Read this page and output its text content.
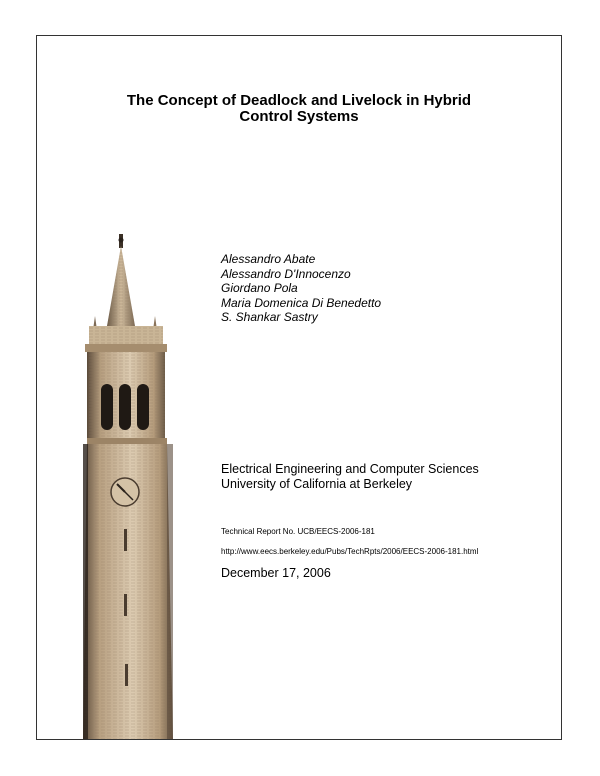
The Concept of Deadlock and Livelock in Hybrid
Control Systems
Alessandro Abate
Alessandro D'Innocenzo
Giordano Pola
Maria Domenica Di Benedetto
S. Shankar Sastry
Electrical Engineering and Computer Sciences
University of California at Berkeley
Technical Report No. UCB/EECS-2006-181
http://www.eecs.berkeley.edu/Pubs/TechRpts/2006/EECS-2006-181.html
December 17, 2006
